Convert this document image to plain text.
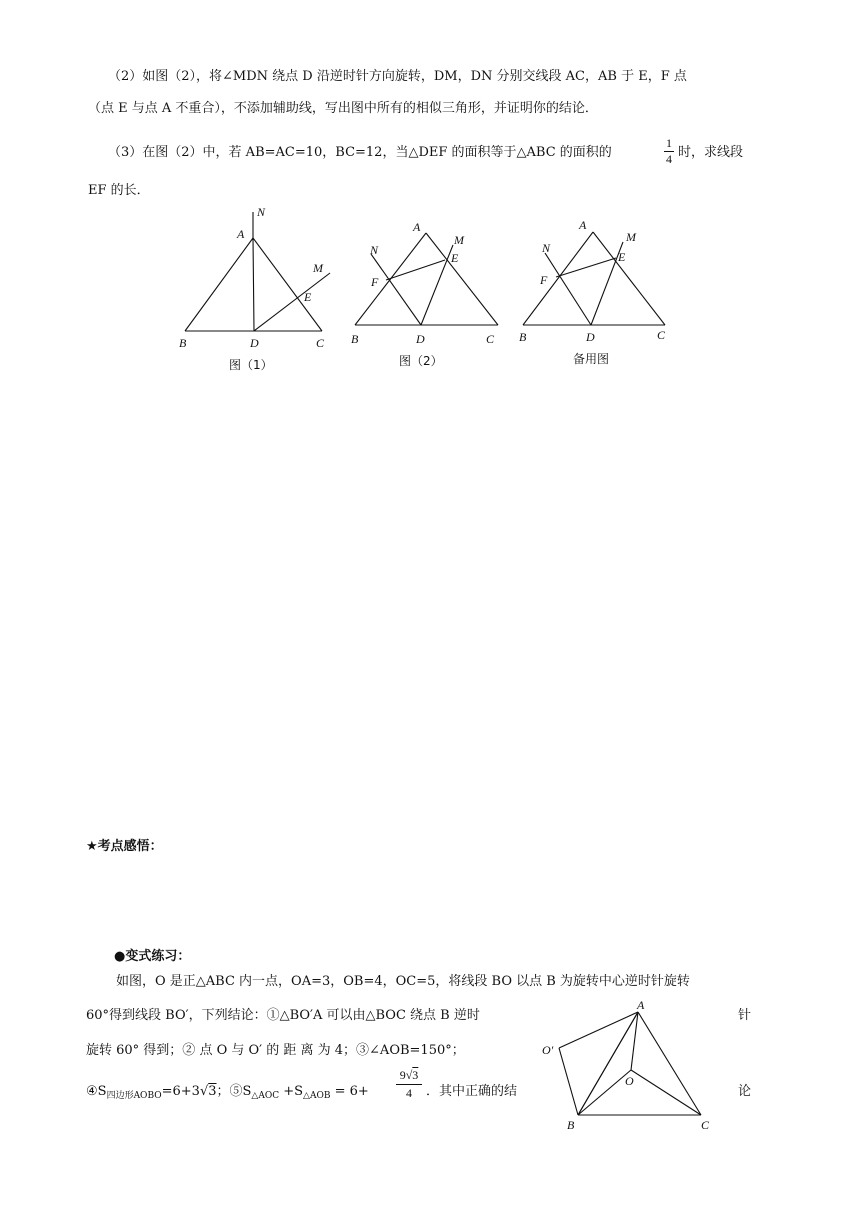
（2）如图（2），将∠MDN 绕点 D 沿逆时针方向旋转，DM，DN 分别交线段 AC，AB 于 E，F 点
（点 E 与点 A 不重合），不添加辅助线，写出图中所有的相似三角形，并证明你的结论．
（3）在图（2）中，若 AB=AC=10，BC=12，当△DEF 的面积等于△ABC 的面积的
1
4 时，求线段
EF 的长．
N
A
M
E
B	D	C
A
M
N
E
F
B	D	C
A
M
N
E
F
B	D	C
图（1）	图（2）	备用图
★考点感悟：
●变式练习：
如图，O 是正△ABC 内一点，OA=3，OB=4，OC=5，将线段 BO 以点 B 为旋转中心逆时针旋转
60°得到线段 BO′，下列结论：①△BO′A 可以由△BOC 绕点 B 逆时	针
旋转 60° 得到；② 点 O 与 O′ 的 距 离 为 4；③∠AOB=150°；
$④S_{四边形AOBO}=6+3√3$；$⑤S_{\triangle AOC} +S_{\triangle AOB} = 6+$
9√3
4	．其中正确的结	论
A
O′
O
B	C
